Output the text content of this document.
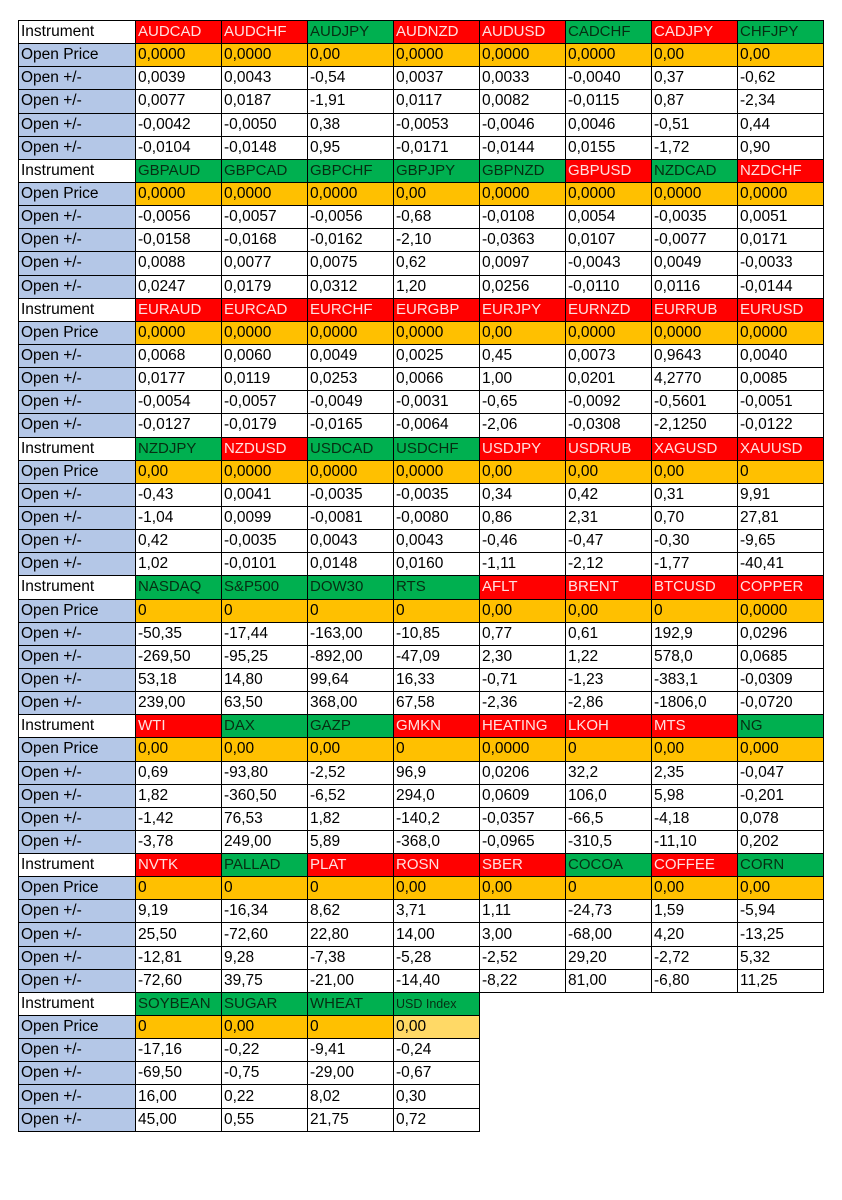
Instrument	AUDCAD	AUDCHF	AUDJPY	AUDNZD	AUDUSD	CADCHF	CADJPY	CHFJPY
Open Price	0,0000	0,0000	0,00	0,0000	0,0000	0,0000	0,00	0,00
Open +/-	0,0039	0,0043	-0,54	0,0037	0,0033	-0,0040	0,37	-0,62
Open +/-	0,0077	0,0187	-1,91	0,0117	0,0082	-0,0115	0,87	-2,34
Open +/-	-0,0042	-0,0050	0,38	-0,0053	-0,0046	0,0046	-0,51	0,44
Open +/-	-0,0104	-0,0148	0,95	-0,0171	-0,0144	0,0155	-1,72	0,90
Instrument	GBPAUD	GBPCAD	GBPCHF	GBPJPY	GBPNZD	GBPUSD	NZDCAD	NZDCHF
Open Price	0,0000	0,0000	0,0000	0,00	0,0000	0,0000	0,0000	0,0000
Open +/-	-0,0056	-0,0057	-0,0056	-0,68	-0,0108	0,0054	-0,0035	0,0051
Open +/-	-0,0158	-0,0168	-0,0162	-2,10	-0,0363	0,0107	-0,0077	0,0171
Open +/-	0,0088	0,0077	0,0075	0,62	0,0097	-0,0043	0,0049	-0,0033
Open +/-	0,0247	0,0179	0,0312	1,20	0,0256	-0,0110	0,0116	-0,0144
Instrument	EURAUD	EURCAD	EURCHF	EURGBP	EURJPY	EURNZD	EURRUB	EURUSD
Open Price	0,0000	0,0000	0,0000	0,0000	0,00	0,0000	0,0000	0,0000
Open +/-	0,0068	0,0060	0,0049	0,0025	0,45	0,0073	0,9643	0,0040
Open +/-	0,0177	0,0119	0,0253	0,0066	1,00	0,0201	4,2770	0,0085
Open +/-	-0,0054	-0,0057	-0,0049	-0,0031	-0,65	-0,0092	-0,5601	-0,0051
Open +/-	-0,0127	-0,0179	-0,0165	-0,0064	-2,06	-0,0308	-2,1250	-0,0122
Instrument	NZDJPY	NZDUSD	USDCAD	USDCHF	USDJPY	USDRUB	XAGUSD	XAUUSD
Open Price	0,00	0,0000	0,0000	0,0000	0,00	0,00	0,00	0
Open +/-	-0,43	0,0041	-0,0035	-0,0035	0,34	0,42	0,31	9,91
Open +/-	-1,04	0,0099	-0,0081	-0,0080	0,86	2,31	0,70	27,81
Open +/-	0,42	-0,0035	0,0043	0,0043	-0,46	-0,47	-0,30	-9,65
Open +/-	1,02	-0,0101	0,0148	0,0160	-1,11	-2,12	-1,77	-40,41
Instrument	NASDAQ	S&P500	DOW30	RTS	AFLT	BRENT	BTCUSD	COPPER
Open Price	0	0	0	0	0,00	0,00	0	0,0000
Open +/-	-50,35	-17,44	-163,00	-10,85	0,77	0,61	192,9	0,0296
Open +/-	-269,50	-95,25	-892,00	-47,09	2,30	1,22	578,0	0,0685
Open +/-	53,18	14,80	99,64	16,33	-0,71	-1,23	-383,1	-0,0309
Open +/-	239,00	63,50	368,00	67,58	-2,36	-2,86	-1806,0	-0,0720
Instrument	WTI	DAX	GAZP	GMKN	HEATING	LKOH	MTS	NG
Open Price	0,00	0,00	0,00	0	0,0000	0	0,00	0,000
Open +/-	0,69	-93,80	-2,52	96,9	0,0206	32,2	2,35	-0,047
Open +/-	1,82	-360,50	-6,52	294,0	0,0609	106,0	5,98	-0,201
Open +/-	-1,42	76,53	1,82	-140,2	-0,0357	-66,5	-4,18	0,078
Open +/-	-3,78	249,00	5,89	-368,0	-0,0965	-310,5	-11,10	0,202
Instrument	NVTK	PALLAD	PLAT	ROSN	SBER	COCOA	COFFEE	CORN
Open Price	0	0	0	0,00	0,00	0	0,00	0,00
Open +/-	9,19	-16,34	8,62	3,71	1,11	-24,73	1,59	-5,94
Open +/-	25,50	-72,60	22,80	14,00	3,00	-68,00	4,20	-13,25
Open +/-	-12,81	9,28	-7,38	-5,28	-2,52	29,20	-2,72	5,32
Open +/-	-72,60	39,75	-21,00	-14,40	-8,22	81,00	-6,80	11,25
Instrument	SOYBEAN	SUGAR	WHEAT	USD Index				
Open Price	0	0,00	0	0,00				
Open +/-	-17,16	-0,22	-9,41	-0,24				
Open +/-	-69,50	-0,75	-29,00	-0,67				
Open +/-	16,00	0,22	8,02	0,30				
Open +/-	45,00	0,55	21,75	0,72				
